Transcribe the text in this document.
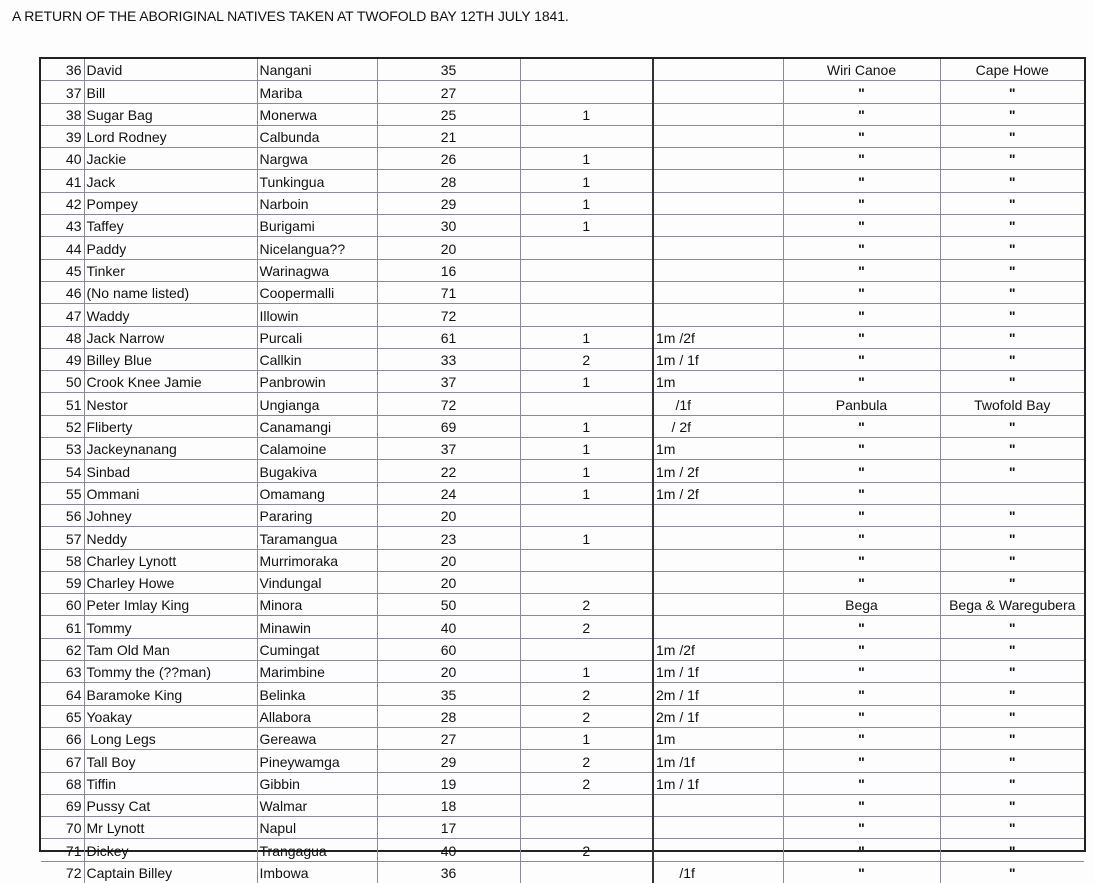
A RETURN OF THE ABORIGINAL NATIVES TAKEN AT TWOFOLD BAY 12TH JULY 1841.
36	David	Nangani	35			Wiri Canoe	Cape Howe
37	Bill	Mariba	27			"	"
38	Sugar Bag	Monerwa	25	1		"	"
39	Lord Rodney	Calbunda	21			"	"
40	Jackie	Nargwa	26	1		"	"
41	Jack	Tunkingua	28	1		"	"
42	Pompey	Narboin	29	1		"	"
43	Taffey	Burigami	30	1		"	"
44	Paddy	Nicelangua??	20			"	"
45	Tinker	Warinagwa	16			"	"
46	(No name listed)	Coopermalli	71			"	"
47	Waddy	Illowin	72			"	"
48	Jack Narrow	Purcali	61	1	1m /2f	"	"
49	Billey Blue	Callkin	33	2	1m / 1f	"	"
50	Crook Knee Jamie	Panbrowin	37	1	1m	"	"
51	Nestor	Ungianga	72		/1f	Panbula	Twofold Bay
52	Fliberty	Canamangi	69	1	/ 2f	"	"
53	Jackeynanang	Calamoine	37	1	1m	"	"
54	Sinbad	Bugakiva	22	1	1m / 2f	"	"
55	Ommani	Omamang	24	1	1m / 2f	"	
56	Johney	Pararing	20			"	"
57	Neddy	Taramangua	23	1		"	"
58	Charley Lynott	Murrimoraka	20			"	"
59	Charley Howe	Vindungal	20			"	"
60	Peter Imlay King	Minora	50	2		Bega	Bega & Waregubera
61	Tommy	Minawin	40	2		"	"
62	Tam Old Man	Cumingat	60		1m /2f	"	"
63	Tommy the (??man)	Marimbine	20	1	1m / 1f	"	"
64	Baramoke King	Belinka	35	2	2m / 1f	"	"
65	Yoakay	Allabora	28	2	2m / 1f	"	"
66	Long Legs	Gereawa	27	1	1m	"	"
67	Tall Boy	Pineywamga	29	2	1m /1f	"	"
68	Tiffin	Gibbin	19	2	1m / 1f	"	"
69	Pussy Cat	Walmar	18			"	"
70	Mr Lynott	Napul	17			"	"
71	Dickey	Trangagua	40	2		"	"
72	Captain Billey	Imbowa	36		/1f	"	"
